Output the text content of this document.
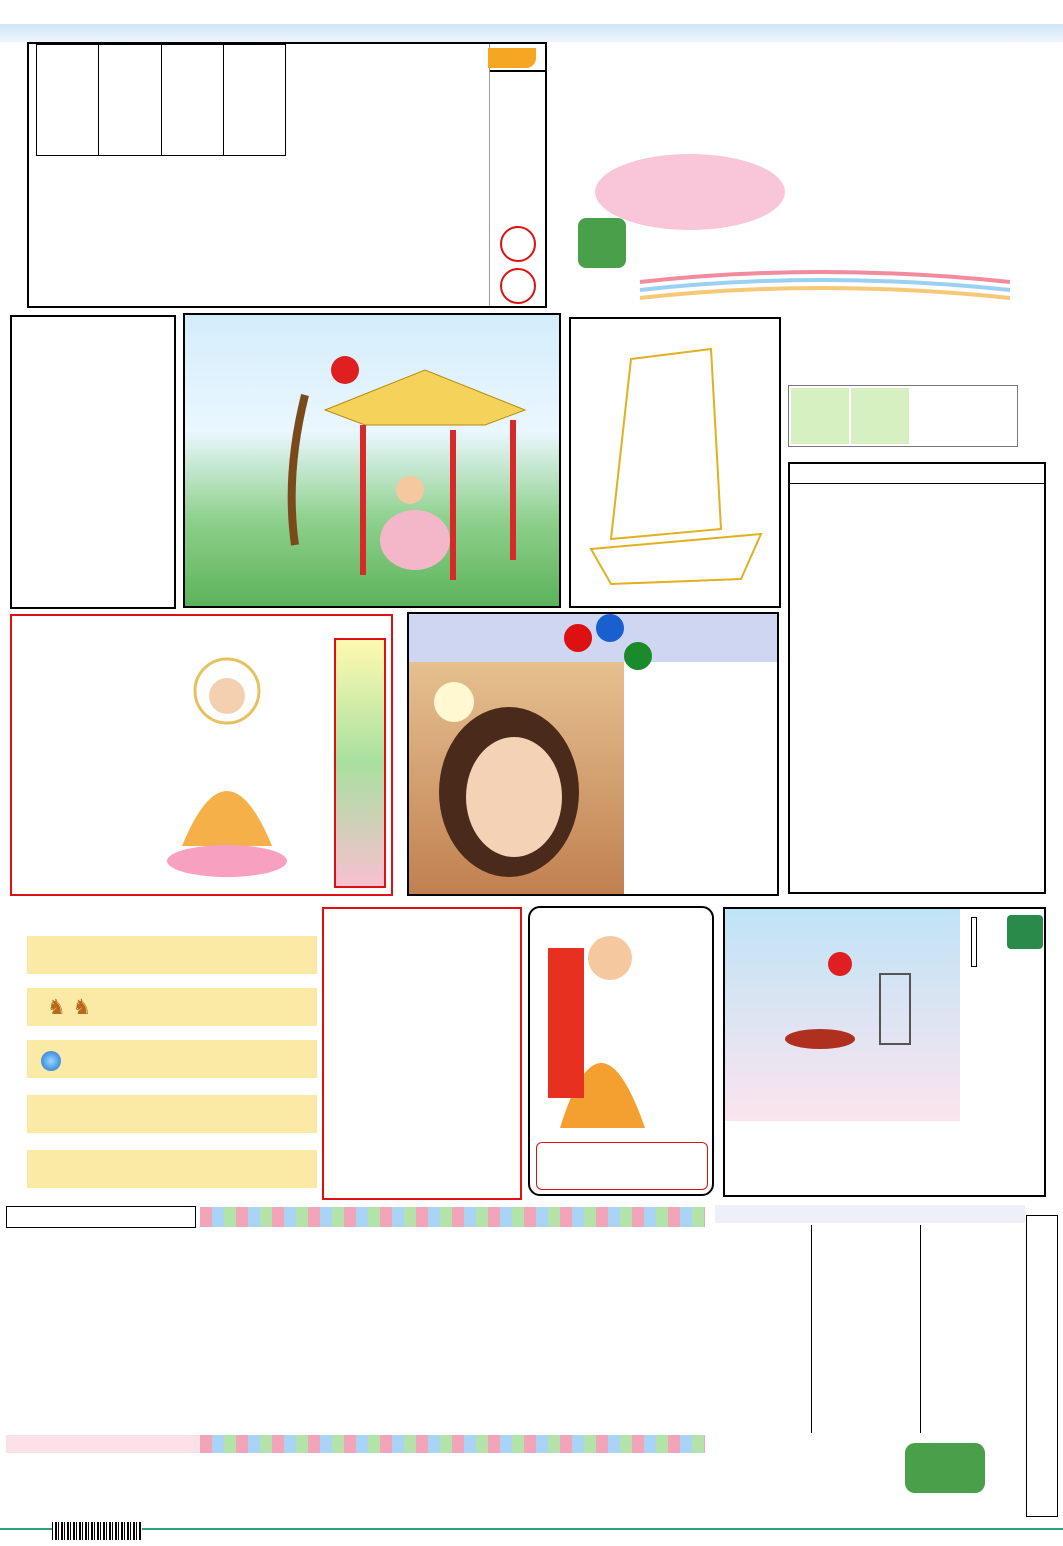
♞ ♞
